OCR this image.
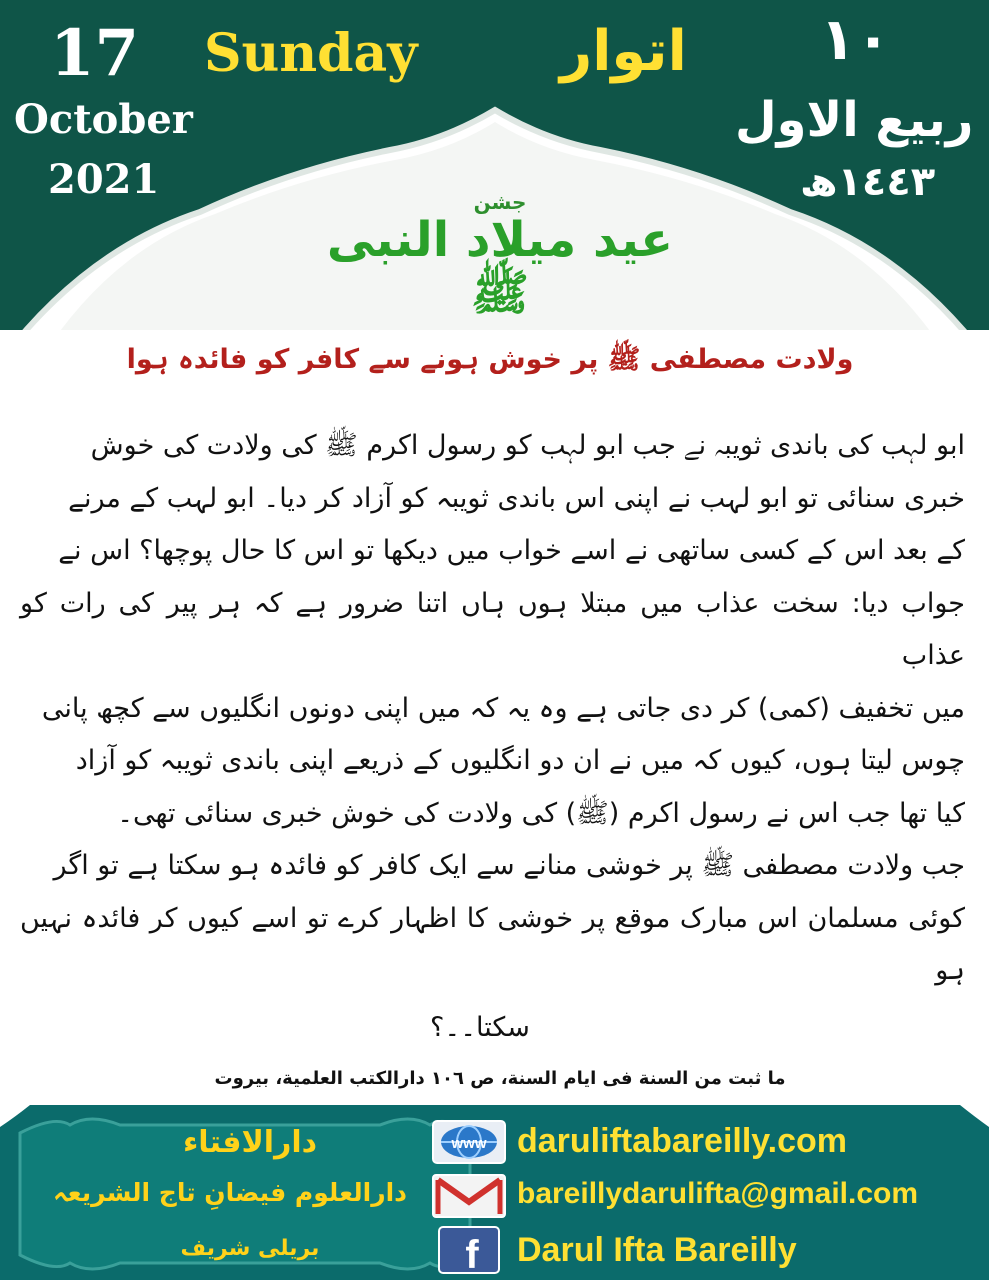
17 Sunday
October
2021
اتوار ١٠
ربیع الاول
١٤٤٣ھ
جشن
عید میلاد النبی ﷺ
ولادت مصطفی ﷺ پر خوش ہونے سے کافر کو فائدہ ہوا
ابو لہب کی باندی ثویبہ نے جب ابو لہب کو رسول اکرم ﷺ کی ولادت کی خوش
خبری سنائی تو ابو لہب نے اپنی اس باندی ثویبہ کو آزاد کر دیا۔ ابو لہب کے مرنے
کے بعد اس کے کسی ساتھی نے اسے خواب میں دیکھا تو اس کا حال پوچھا؟ اس نے
جواب دیا: سخت عذاب میں مبتلا ہوں ہاں اتنا ضرور ہے کہ ہر پیر کی رات کو عذاب
میں تخفیف (کمی) کر دی جاتی ہے وہ یہ کہ میں اپنی دونوں انگلیوں سے کچھ پانی
چوس لیتا ہوں، کیوں کہ میں نے ان دو انگلیوں کے ذریعے اپنی باندی ثویبہ کو آزاد
کیا تھا جب اس نے رسول اکرم (ﷺ) کی ولادت کی خوش خبری سنائی تھی۔
جب ولادت مصطفی ﷺ پر خوشی منانے سے ایک کافر کو فائدہ ہو سکتا ہے تو اگر
کوئی مسلمان اس مبارک موقع پر خوشی کا اظہار کرے تو اسے کیوں کر فائدہ نہیں ہو
سکتا۔۔؟
ما ثبت من السنة فی ایام السنة، ص ١٠٦ دارالکتب العلمیة، بیروت
دارالافتاء
دارالعلوم فیضانِ تاج الشریعہ
بریلی شریف
www
f
daruliftabareilly.com
bareillydarulifta@gmail.com
Darul Ifta Bareilly
